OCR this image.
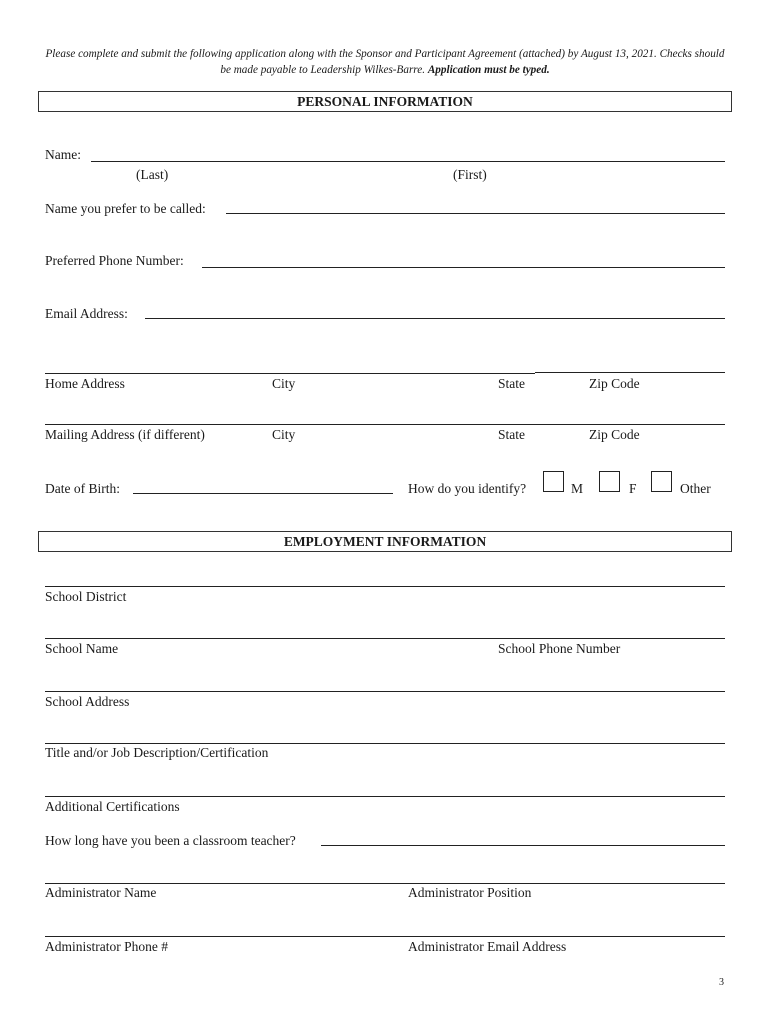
Please complete and submit the following application along with the Sponsor and Participant Agreement (attached) by August 13, 2021. Checks should be made payable to Leadership Wilkes-Barre. Application must be typed.
PERSONAL INFORMATION
Name:
(Last)	(First)
Name you prefer to be called:
Preferred Phone Number:
Email Address:
Home Address	City	State	Zip Code
Mailing Address (if different)	City	State	Zip Code
Date of Birth:	How do you identify?	M	F	Other
EMPLOYMENT INFORMATION
School District
School Name	School Phone Number
School Address
Title and/or Job Description/Certification
Additional Certifications
How long have you been a classroom teacher?
Administrator Name	Administrator Position
Administrator Phone #	Administrator Email Address
3
